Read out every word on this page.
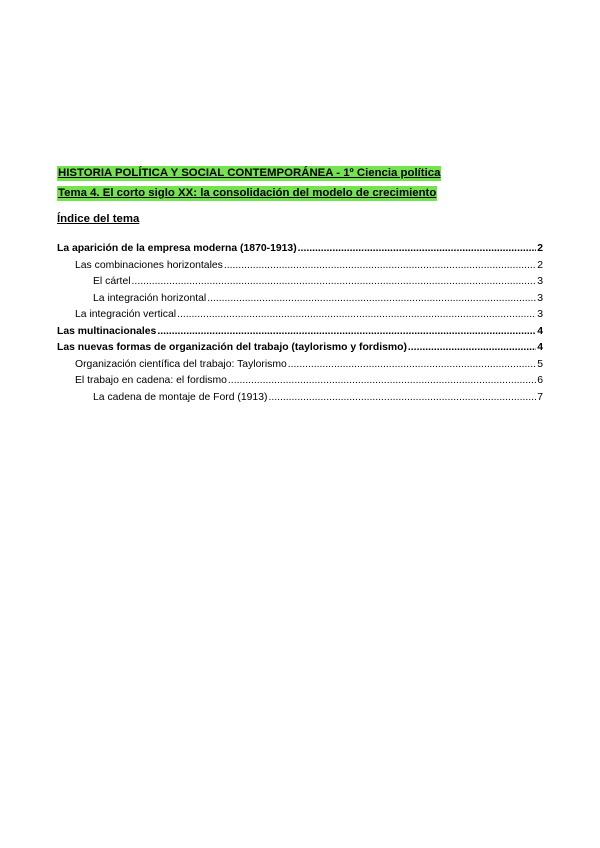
HISTORIA POLÍTICA Y SOCIAL CONTEMPORÁNEA - 1º Ciencia política
Tema 4. El corto siglo XX: la consolidación del modelo de crecimiento
Índice del tema
La aparición de la empresa moderna (1870-1913) .....	2
Las combinaciones horizontales .....	2
El cártel .....	3
La integración horizontal .....	3
La integración vertical .....	3
Las multinacionales .....	4
Las nuevas formas de organización del trabajo (taylorismo y fordismo) .....	4
Organización científica del trabajo: Taylorismo .....	5
El trabajo en cadena: el fordismo .....	6
La cadena de montaje de Ford (1913) .....	7
